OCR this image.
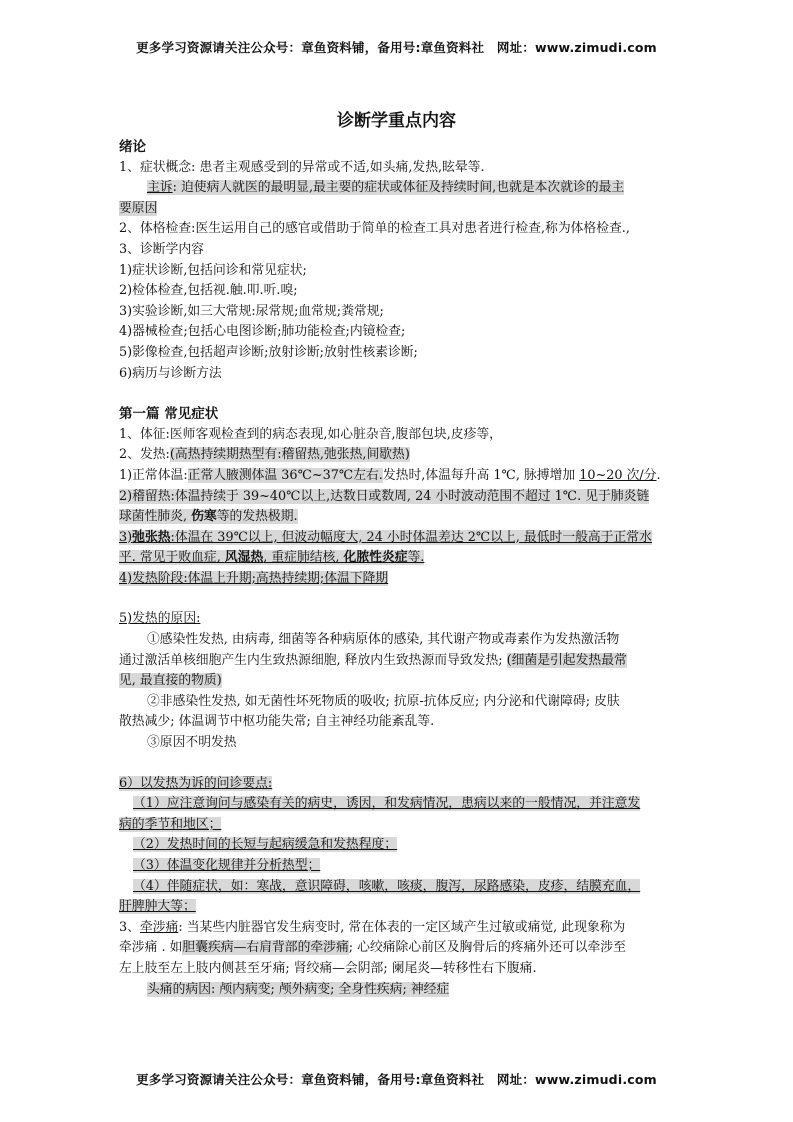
更多学习资源请关注公众号：章鱼资料铺，备用号:章鱼资料社　网址：www.zimudi.com
诊断学重点内容

绪论

1、症状概念: 患者主观感受到的异常或不适,如头痛,发热,眩晕等.

主诉: 迫使病人就医的最明显,最主要的症状或体征及持续时间,也就是本次就诊的最主

要原因

2、体格检查:医生运用自己的感官或借助于简单的检查工具对患者进行检查,称为体格检查.,

3、诊断学内容

1)症状诊断,包括问诊和常见症状;

2)检体检查,包括视.触.叩.听.嗅;

3)实验诊断,如三大常规:尿常规;血常规;粪常规;

4)器械检查;包括心电图诊断;肺功能检查;内镜检查;

5)影像检查,包括超声诊断;放射诊断;放射性核素诊断;

6)病历与诊断方法

第一篇 常见症状

1、体征:医师客观检查到的病态表现,如心脏杂音,腹部包块,皮疹等，

2、发热:(高热持续期热型有:稽留热,弛张热,间歇热)

1)正常体温:正常人腋测体温 36℃~37℃左右.发热时,体温每升高 1℃, 脉搏增加 10~20 次/分.

2)稽留热:体温持续于 39~40℃以上,达数日或数周, 24 小时波动范围不超过 1℃. 见于肺炎链

球菌性肺炎, 伤寒等的发热极期.

3)弛张热:体温在 39℃以上, 但波动幅度大, 24 小时体温差达 2℃以上, 最低时一般高于正常水

平. 常见于败血症, 风湿热, 重症肺结核, 化脓性炎症等.

4)发热阶段:体温上升期;高热持续期;体温下降期

5)发热的原因:

①感染性发热, 由病毒, 细菌等各种病原体的感染, 其代谢产物或毒素作为发热激活物

通过激活单核细胞产生内生致热源细胞, 释放内生致热源而导致发热; (细菌是引起发热最常

见, 最直接的物质)

②非感染性发热, 如无菌性坏死物质的吸收; 抗原-抗体反应; 内分泌和代谢障碍; 皮肤

散热减少; 体温调节中枢功能失常; 自主神经功能紊乱等.

③原因不明发热

6）以发热为诉的问诊要点:

（1）应注意询问与感染有关的病史，诱因，和发病情况，患病以来的一般情况，并注意发

病的季节和地区；

（2）发热时间的长短与起病缓急和发热程度；

（3）体温变化规律并分析热型；

（4）伴随症状，如：寒战，意识障碍，咳嗽，咳痰，腹泻，尿路感染，皮疹，结膜充血，

肝脾肿大等；

3、牵涉痛: 当某些内脏器官发生病变时, 常在体表的一定区域产生过敏或痛觉, 此现象称为

牵涉痛 . 如胆囊疾病—右肩背部的牵涉痛; 心绞痛除心前区及胸骨后的疼痛外还可以牵涉至

左上肢至左上肢内侧甚至牙痛; 肾绞痛—会阴部; 阑尾炎—转移性右下腹痛.

头痛的病因: 颅内病变; 颅外病变; 全身性疾病; 神经症

更多学习资源请关注公众号：章鱼资料铺，备用号:章鱼资料社　网址：www.zimudi.com
